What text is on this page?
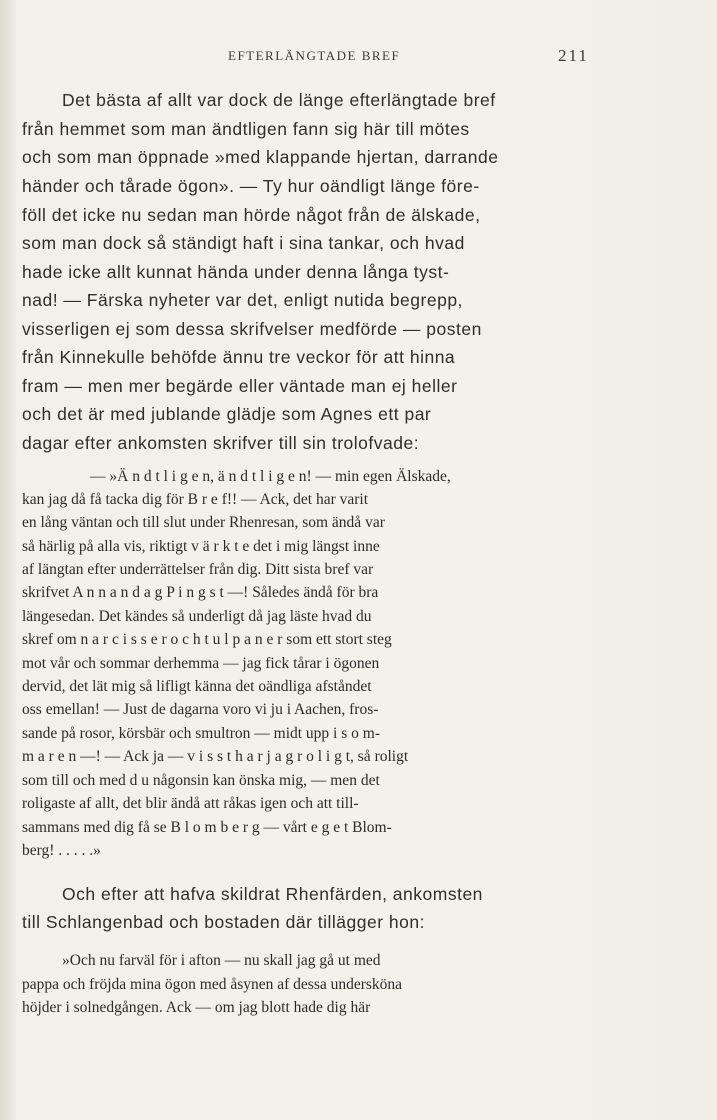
EFTERLÄNGTADE BREF	211
Det bästa af allt var dock de länge efterlängtade bref
från hemmet som man ändtligen fann sig här till mötes
och som man öppnade »med klappande hjertan, darrande
händer och tårade ögon». — Ty hur oändligt länge före-
föll det icke nu sedan man hörde något från de älskade,
som man dock så ständigt haft i sina tankar, och hvad
hade icke allt kunnat hända under denna långa tyst-
nad! — Färska nyheter var det, enligt nutida begrepp,
visserligen ej som dessa skrifvelser medförde — posten
från Kinnekulle behöfde ännu tre veckor för att hinna
fram — men mer begärde eller väntade man ej heller
och det är med jublande glädje som Agnes ett par
dagar efter ankomsten skrifver till sin trolofvade:
— »Ä n d t l i g e n, ä n d t l i g e n! — min egen Älskade,
kan jag då få tacka dig för B r e f!! — Ack, det har varit
en lång väntan och till slut under Rhenresan, som ändå var
så härlig på alla vis, riktigt v ä r k t e det i mig längst inne
af längtan efter underrättelser från dig. Ditt sista bref var
skrifvet A n n a n d a g P i n g s t —! Således ändå för bra
längesedan. Det kändes så underligt då jag läste hvad du
skref om n a r c i s s e r o c h t u l p a n e r som ett stort steg
mot vår och sommar derhemma — jag fick tårar i ögonen
dervid, det lät mig så lifligt känna det oändliga afståndet
oss emellan! — Just de dagarna voro vi ju i Aachen, fros-
sande på rosor, körsbär och smultron — midt upp i s o m-
m a r e n —! — Ack ja — v i s s t h a r j a g r o l i g t, så roligt
som till och med d u någonsin kan önska mig, — men det
roligaste af allt, det blir ändå att råkas igen och att till-
sammans med dig få se B l o m b e r g — vårt e g e t Blom-
berg! . . . . .»
Och efter att hafva skildrat Rhenfärden, ankomsten
till Schlangenbad och bostaden där tillägger hon:
»Och nu farväl för i afton — nu skall jag gå ut med
pappa och fröjda mina ögon med åsynen af dessa undersköna
höjder i solnedgången. Ack — om jag blott hade dig här
